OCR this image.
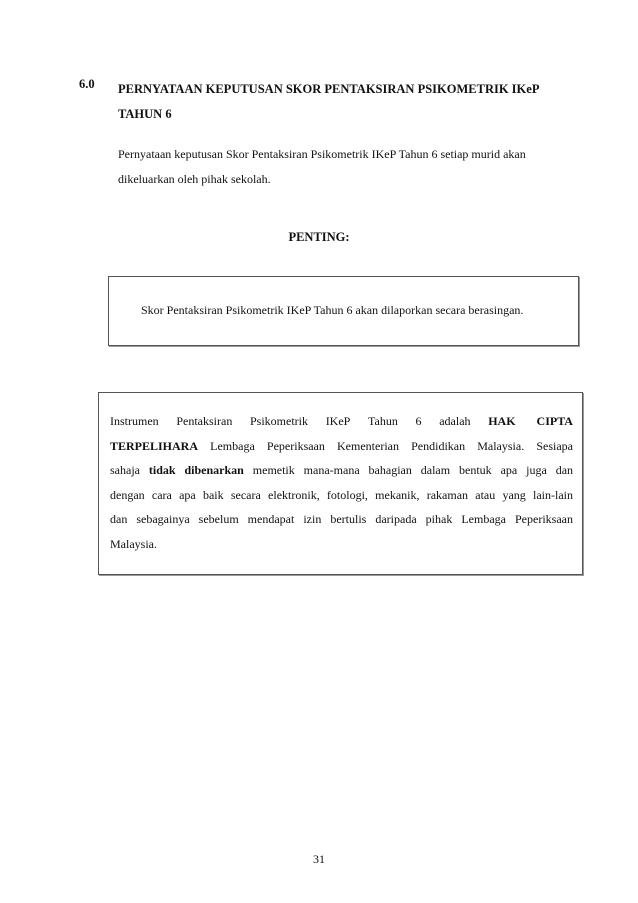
6.0 PERNYATAAN KEPUTUSAN SKOR PENTAKSIRAN PSIKOMETRIK IKeP
TAHUN 6
Pernyataan keputusan Skor Pentaksiran Psikometrik IKeP Tahun 6 setiap murid akan
dikeluarkan oleh pihak sekolah.
PENTING:
Skor Pentaksiran Psikometrik IKeP Tahun 6 akan dilaporkan secara berasingan.
Instrumen Pentaksiran Psikometrik IKeP Tahun 6 adalah HAK CIPTA
TERPELIHARA Lembaga Peperiksaan Kementerian Pendidikan Malaysia. Sesiapa
sahaja tidak dibenarkan memetik mana-mana bahagian dalam bentuk apa juga dan
dengan cara apa baik secara elektronik, fotologi, mekanik, rakaman atau yang lain-lain
dan sebagainya sebelum mendapat izin bertulis daripada pihak Lembaga Peperiksaan
Malaysia.
31
